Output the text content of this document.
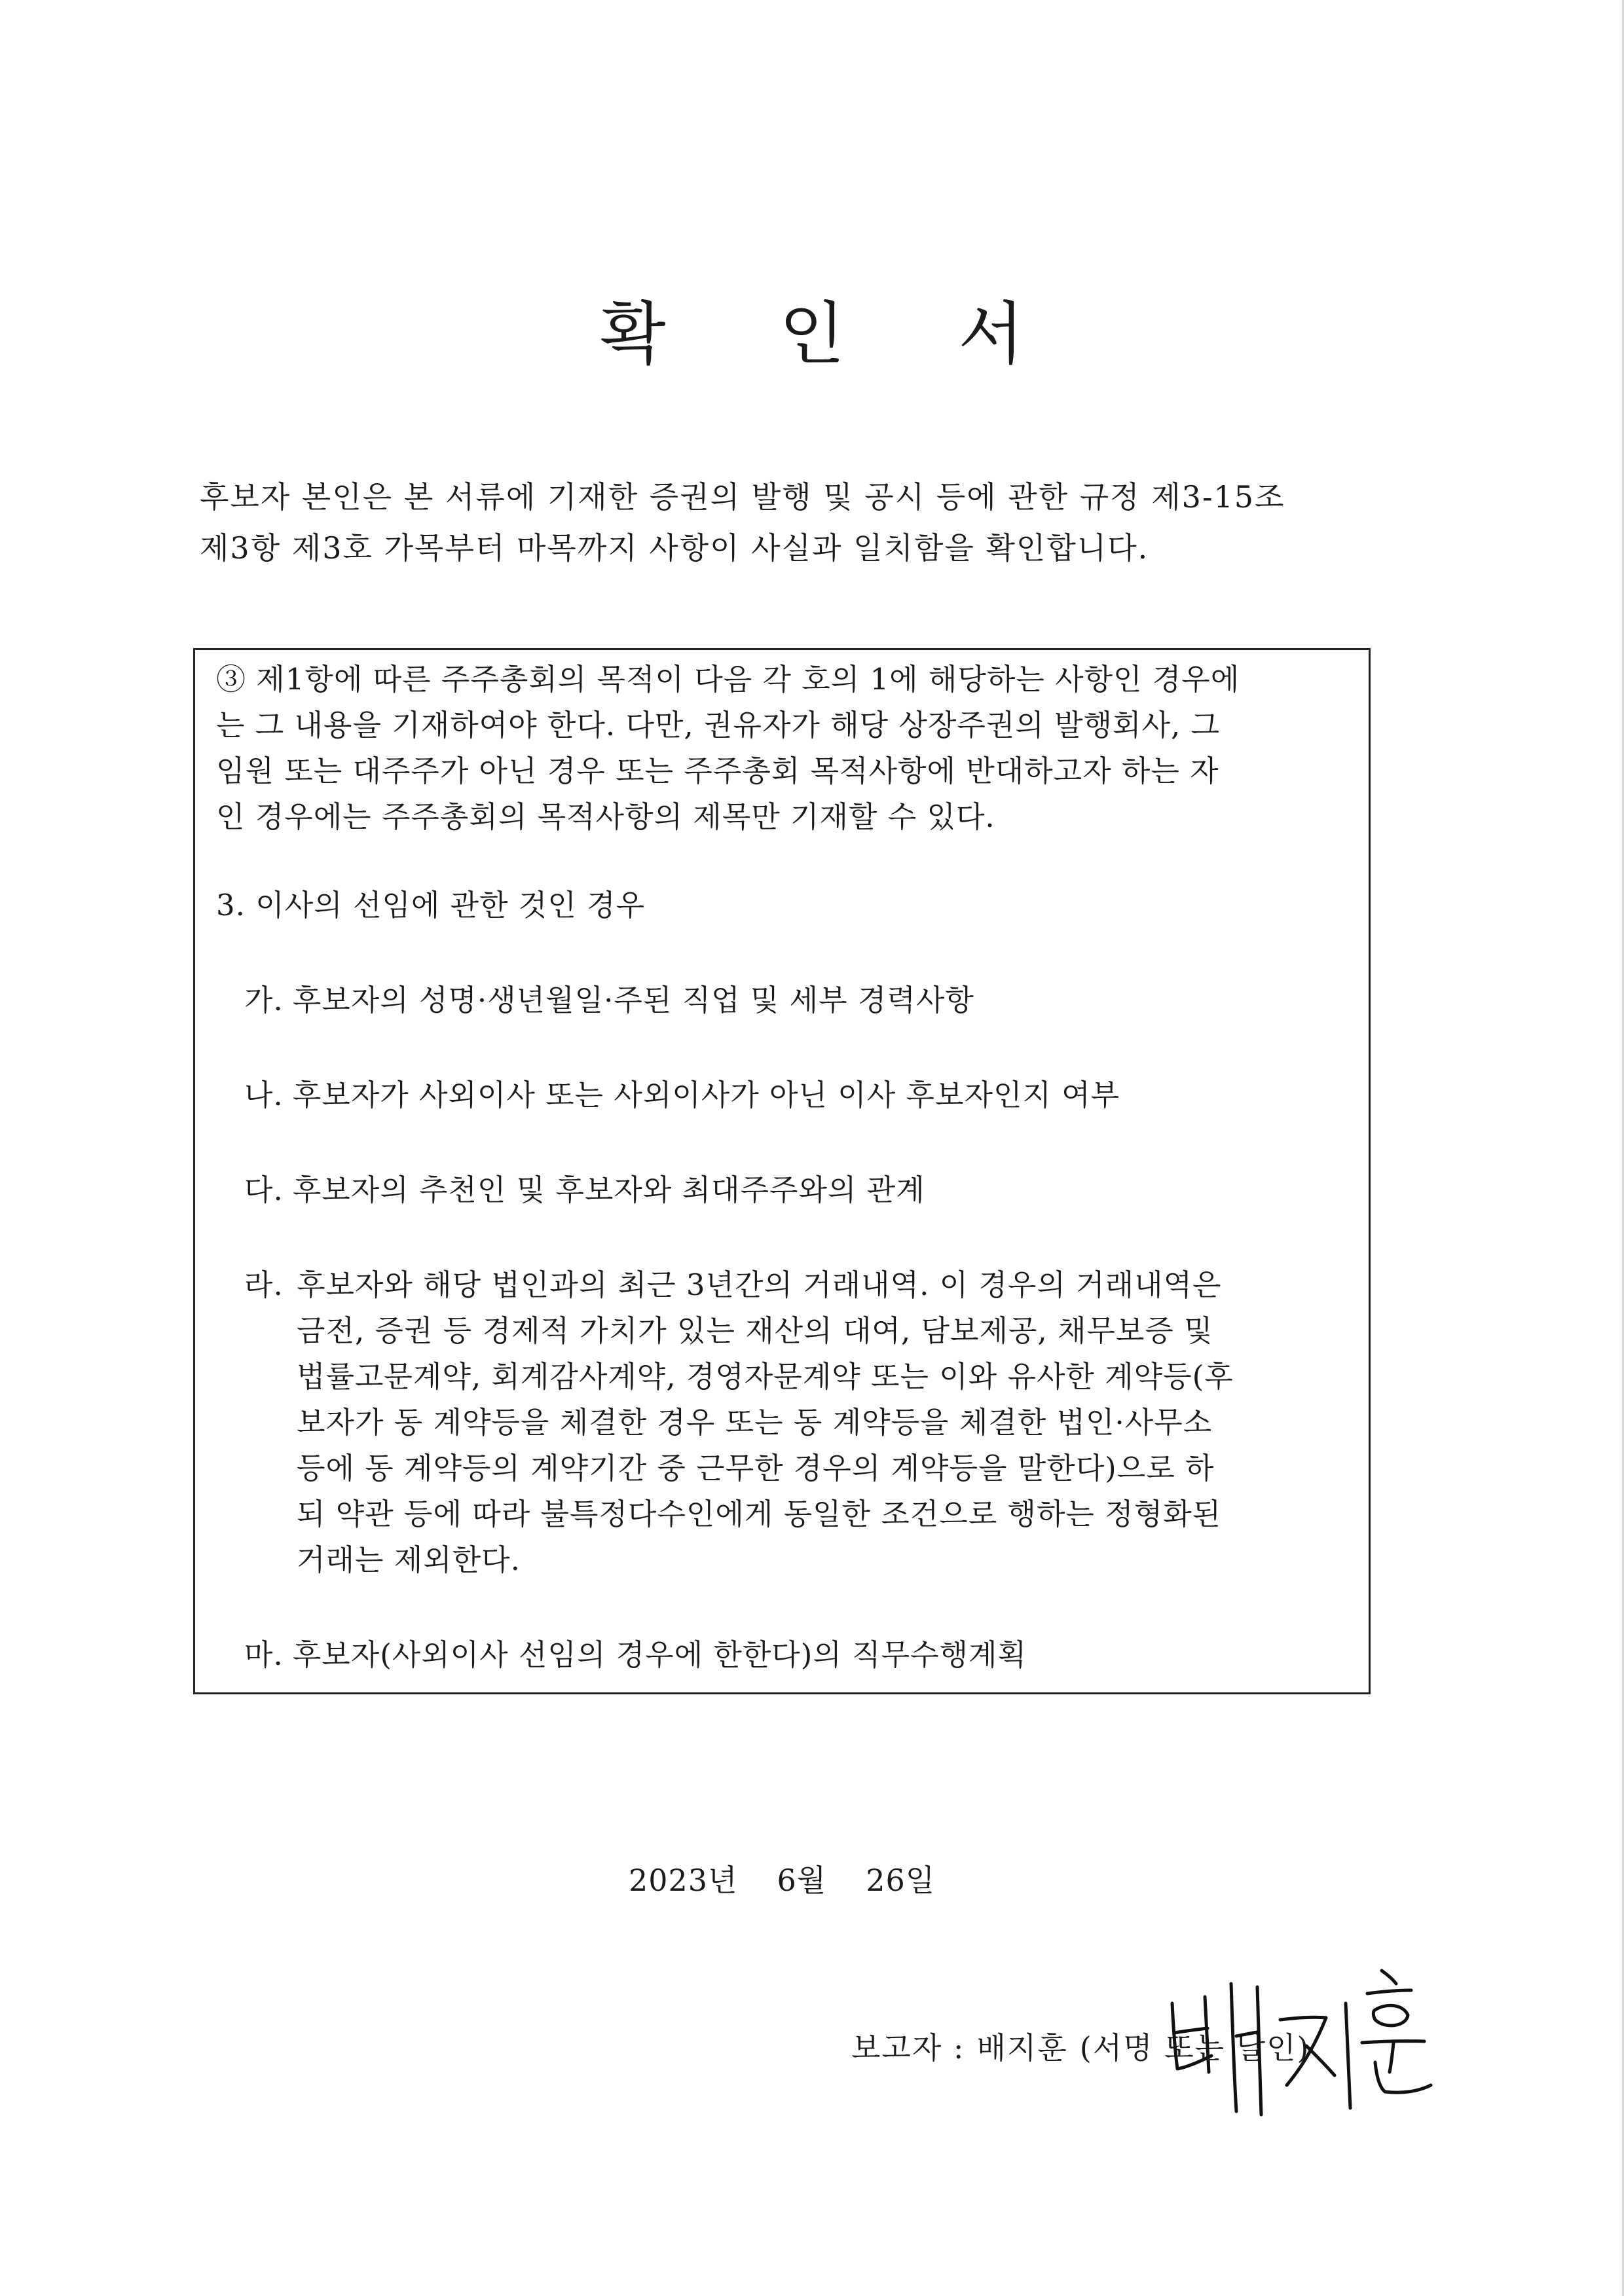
확 인 서

후보자 본인은 본 서류에 기재한 증권의 발행 및 공시 등에 관한 규정 제3-15조

제3항 제3호 가목부터 마목까지 사항이 사실과 일치함을 확인합니다.

③ 제1항에 따른 주주총회의 목적이 다음 각 호의 1에 해당하는 사항인 경우에

는 그 내용을 기재하여야 한다. 다만, 권유자가 해당 상장주권의 발행회사, 그

임원 또는 대주주가 아닌 경우 또는 주주총회 목적사항에 반대하고자 하는 자

인 경우에는 주주총회의 목적사항의 제목만 기재할 수 있다.

3. 이사의 선임에 관한 것인 경우
가. 후보자의 성명·생년월일·주된 직업 및 세부 경력사항
나. 후보자가 사외이사 또는 사외이사가 아닌 이사 후보자인지 여부
다. 후보자의 추천인 및 후보자와 최대주주와의 관계
라. 후보자와 해당 법인과의 최근 3년간의 거래내역. 이 경우의 거래내역은

금전, 증권 등 경제적 가치가 있는 재산의 대여, 담보제공, 채무보증 및

법률고문계약, 회계감사계약, 경영자문계약 또는 이와 유사한 계약등(후

보자가 동 계약등을 체결한 경우 또는 동 계약등을 체결한 법인·사무소

등에 동 계약등의 계약기간 중 근무한 경우의 계약등을 말한다)으로 하

되 약관 등에 따라 불특정다수인에게 동일한 조건으로 행하는 정형화된

거래는 제외한다.

마. 후보자(사외이사 선임의 경우에 한한다)의 직무수행계획
2023년 6월 26일
보고자 : 배지훈 (서명 또는 날인)
